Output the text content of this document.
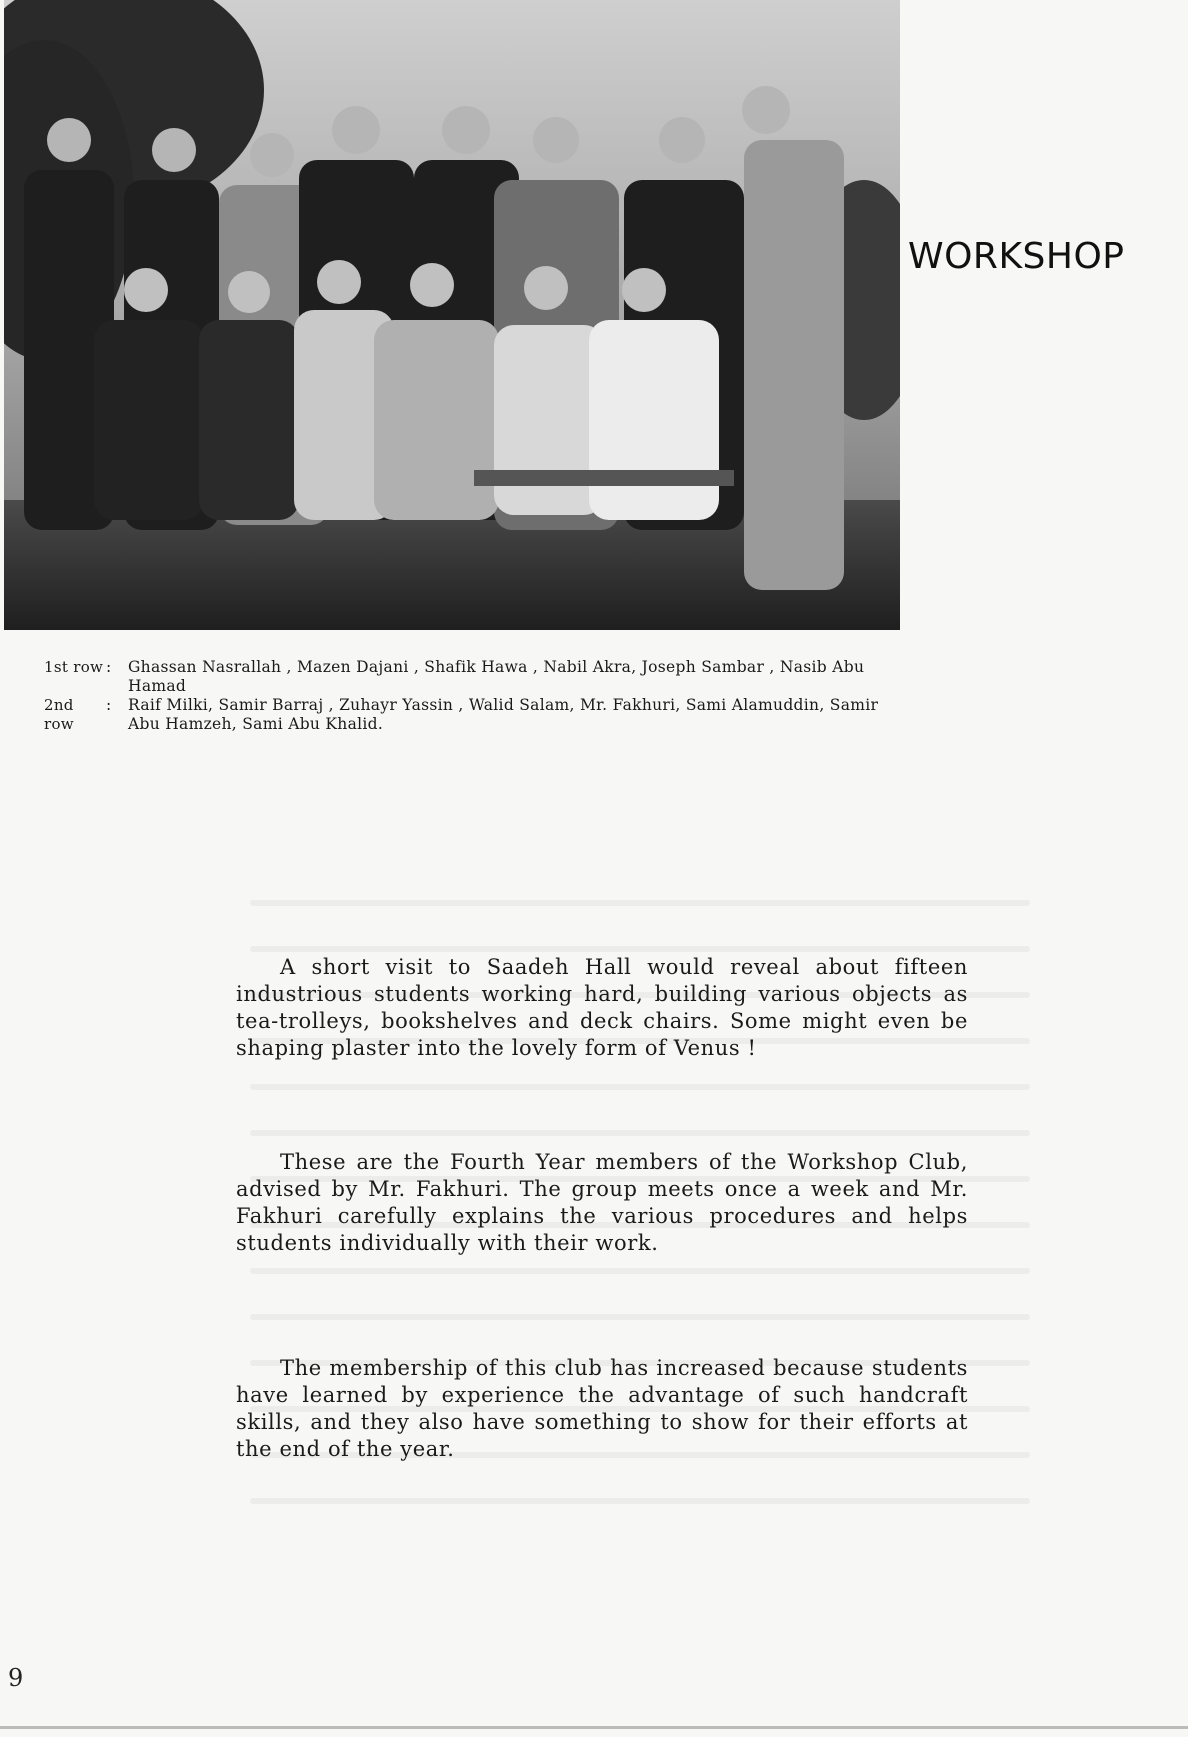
WORKSHOP
1st row :	Ghassan Nasrallah , Mazen Dajani , Shafik Hawa , Nabil Akra, Joseph Sambar , Nasib Abu Hamad
2nd row
:	Raif Milki, Samir Barraj , Zuhayr Yassin , Walid Salam, Mr. Fakhuri, Sami Alamuddin, Samir Abu Hamzeh, Sami Abu Khalid.

A short visit to Saadeh Hall would reveal about fifteen industrious students working hard, building various objects as tea-trolleys, bookshelves and deck chairs. Some might even be shaping plaster into the lovely form of Venus !

These are the Fourth Year members of the Workshop Club, advised by Mr. Fakhuri. The group meets once a week and Mr. Fakhuri carefully explains the various procedures and helps students individually with their work.

The membership of this club has increased because students have learned by experience the advantage of such handcraft skills, and they also have something to show for their efforts at the end of the year.

9
